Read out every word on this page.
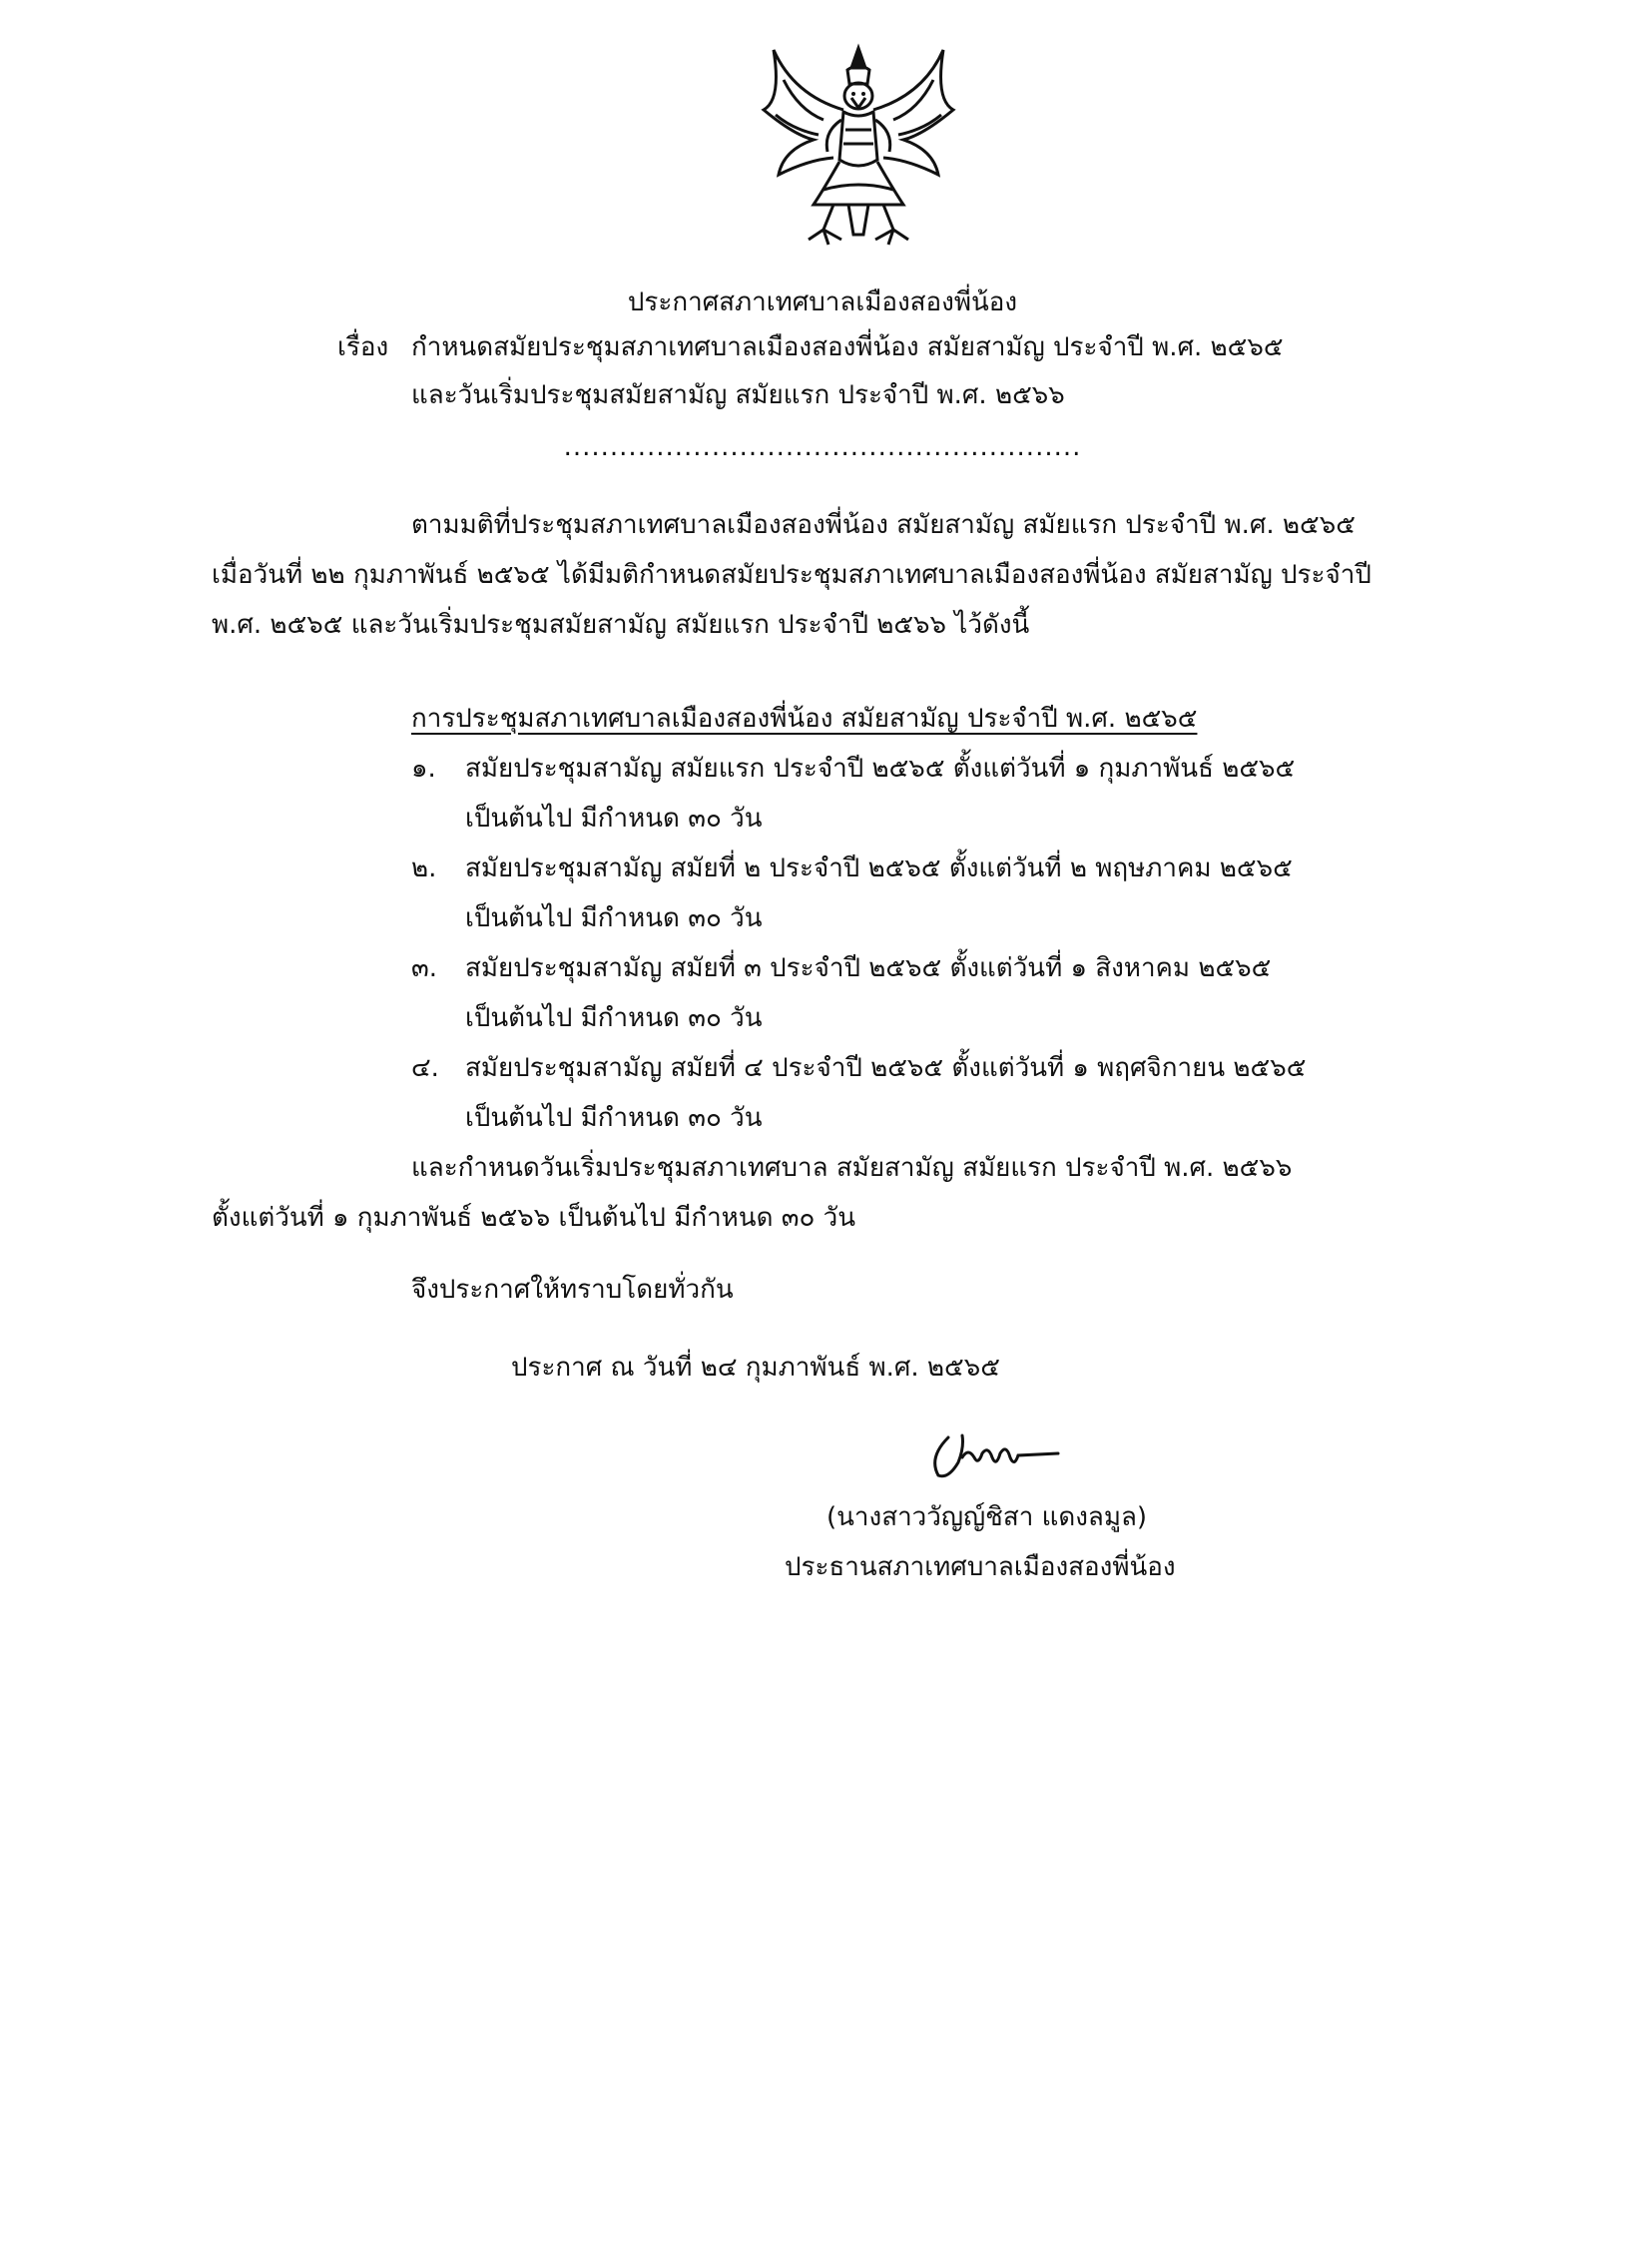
ประกาศสภาเทศบาลเมืองสองพี่น้อง
เรื่อง กำหนดสมัยประชุมสภาเทศบาลเมืองสองพี่น้อง สมัยสามัญ ประจำปี พ.ศ. ๒๕๖๕
และวันเริ่มประชุมสมัยสามัญ สมัยแรก ประจำปี พ.ศ. ๒๕๖๖
........................................................
ตามมติที่ประชุมสภาเทศบาลเมืองสองพี่น้อง สมัยสามัญ สมัยแรก ประจำปี พ.ศ. ๒๕๖๕
เมื่อวันที่ ๒๒ กุมภาพันธ์ ๒๕๖๕ ได้มีมติกำหนดสมัยประชุมสภาเทศบาลเมืองสองพี่น้อง สมัยสามัญ ประจำปี
พ.ศ. ๒๕๖๕ และวันเริ่มประชุมสมัยสามัญ สมัยแรก ประจำปี ๒๕๖๖ ไว้ดังนี้
การประชุมสภาเทศบาลเมืองสองพี่น้อง สมัยสามัญ ประจำปี พ.ศ. ๒๕๖๕
๑. สมัยประชุมสามัญ สมัยแรก ประจำปี ๒๕๖๕ ตั้งแต่วันที่ ๑ กุมภาพันธ์ ๒๕๖๕
เป็นต้นไป มีกำหนด ๓๐ วัน
๒. สมัยประชุมสามัญ สมัยที่ ๒ ประจำปี ๒๕๖๕ ตั้งแต่วันที่ ๒ พฤษภาคม ๒๕๖๕
เป็นต้นไป มีกำหนด ๓๐ วัน
๓. สมัยประชุมสามัญ สมัยที่ ๓ ประจำปี ๒๕๖๕ ตั้งแต่วันที่ ๑ สิงหาคม ๒๕๖๕
เป็นต้นไป มีกำหนด ๓๐ วัน
๔. สมัยประชุมสามัญ สมัยที่ ๔ ประจำปี ๒๕๖๕ ตั้งแต่วันที่ ๑ พฤศจิกายน ๒๕๖๕
เป็นต้นไป มีกำหนด ๓๐ วัน
และกำหนดวันเริ่มประชุมสภาเทศบาล สมัยสามัญ สมัยแรก ประจำปี พ.ศ. ๒๕๖๖
ตั้งแต่วันที่ ๑ กุมภาพันธ์ ๒๕๖๖ เป็นต้นไป มีกำหนด ๓๐ วัน
จึงประกาศให้ทราบโดยทั่วกัน
ประกาศ ณ วันที่ ๒๔ กุมภาพันธ์ พ.ศ. ๒๕๖๕
(นางสาววัญญ์ชิสา แดงลมูล)
ประธานสภาเทศบาลเมืองสองพี่น้อง
